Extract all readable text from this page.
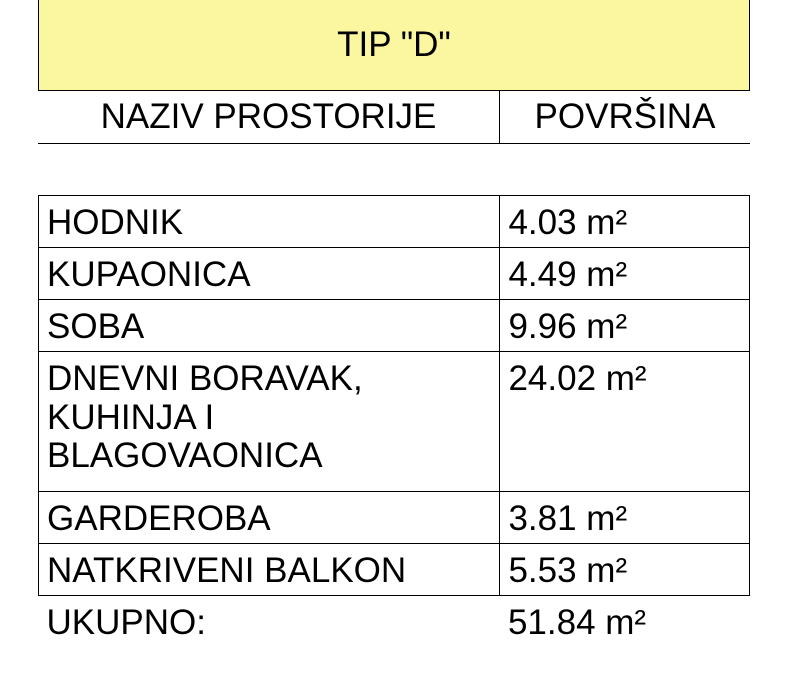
TIP "D"
NAZIV PROSTORIJE	POVRŠINA
HODNIK	4.03 m²
KUPAONICA	4.49 m²
SOBA	9.96 m²

DNEVNI BORAVAK,
KUHINJA I
BLAGOVAONICA	24.02 m²
GARDEROBA	3.81 m²
NATKRIVENI BALKON	5.53 m²
UKUPNO:	51.84 m²
